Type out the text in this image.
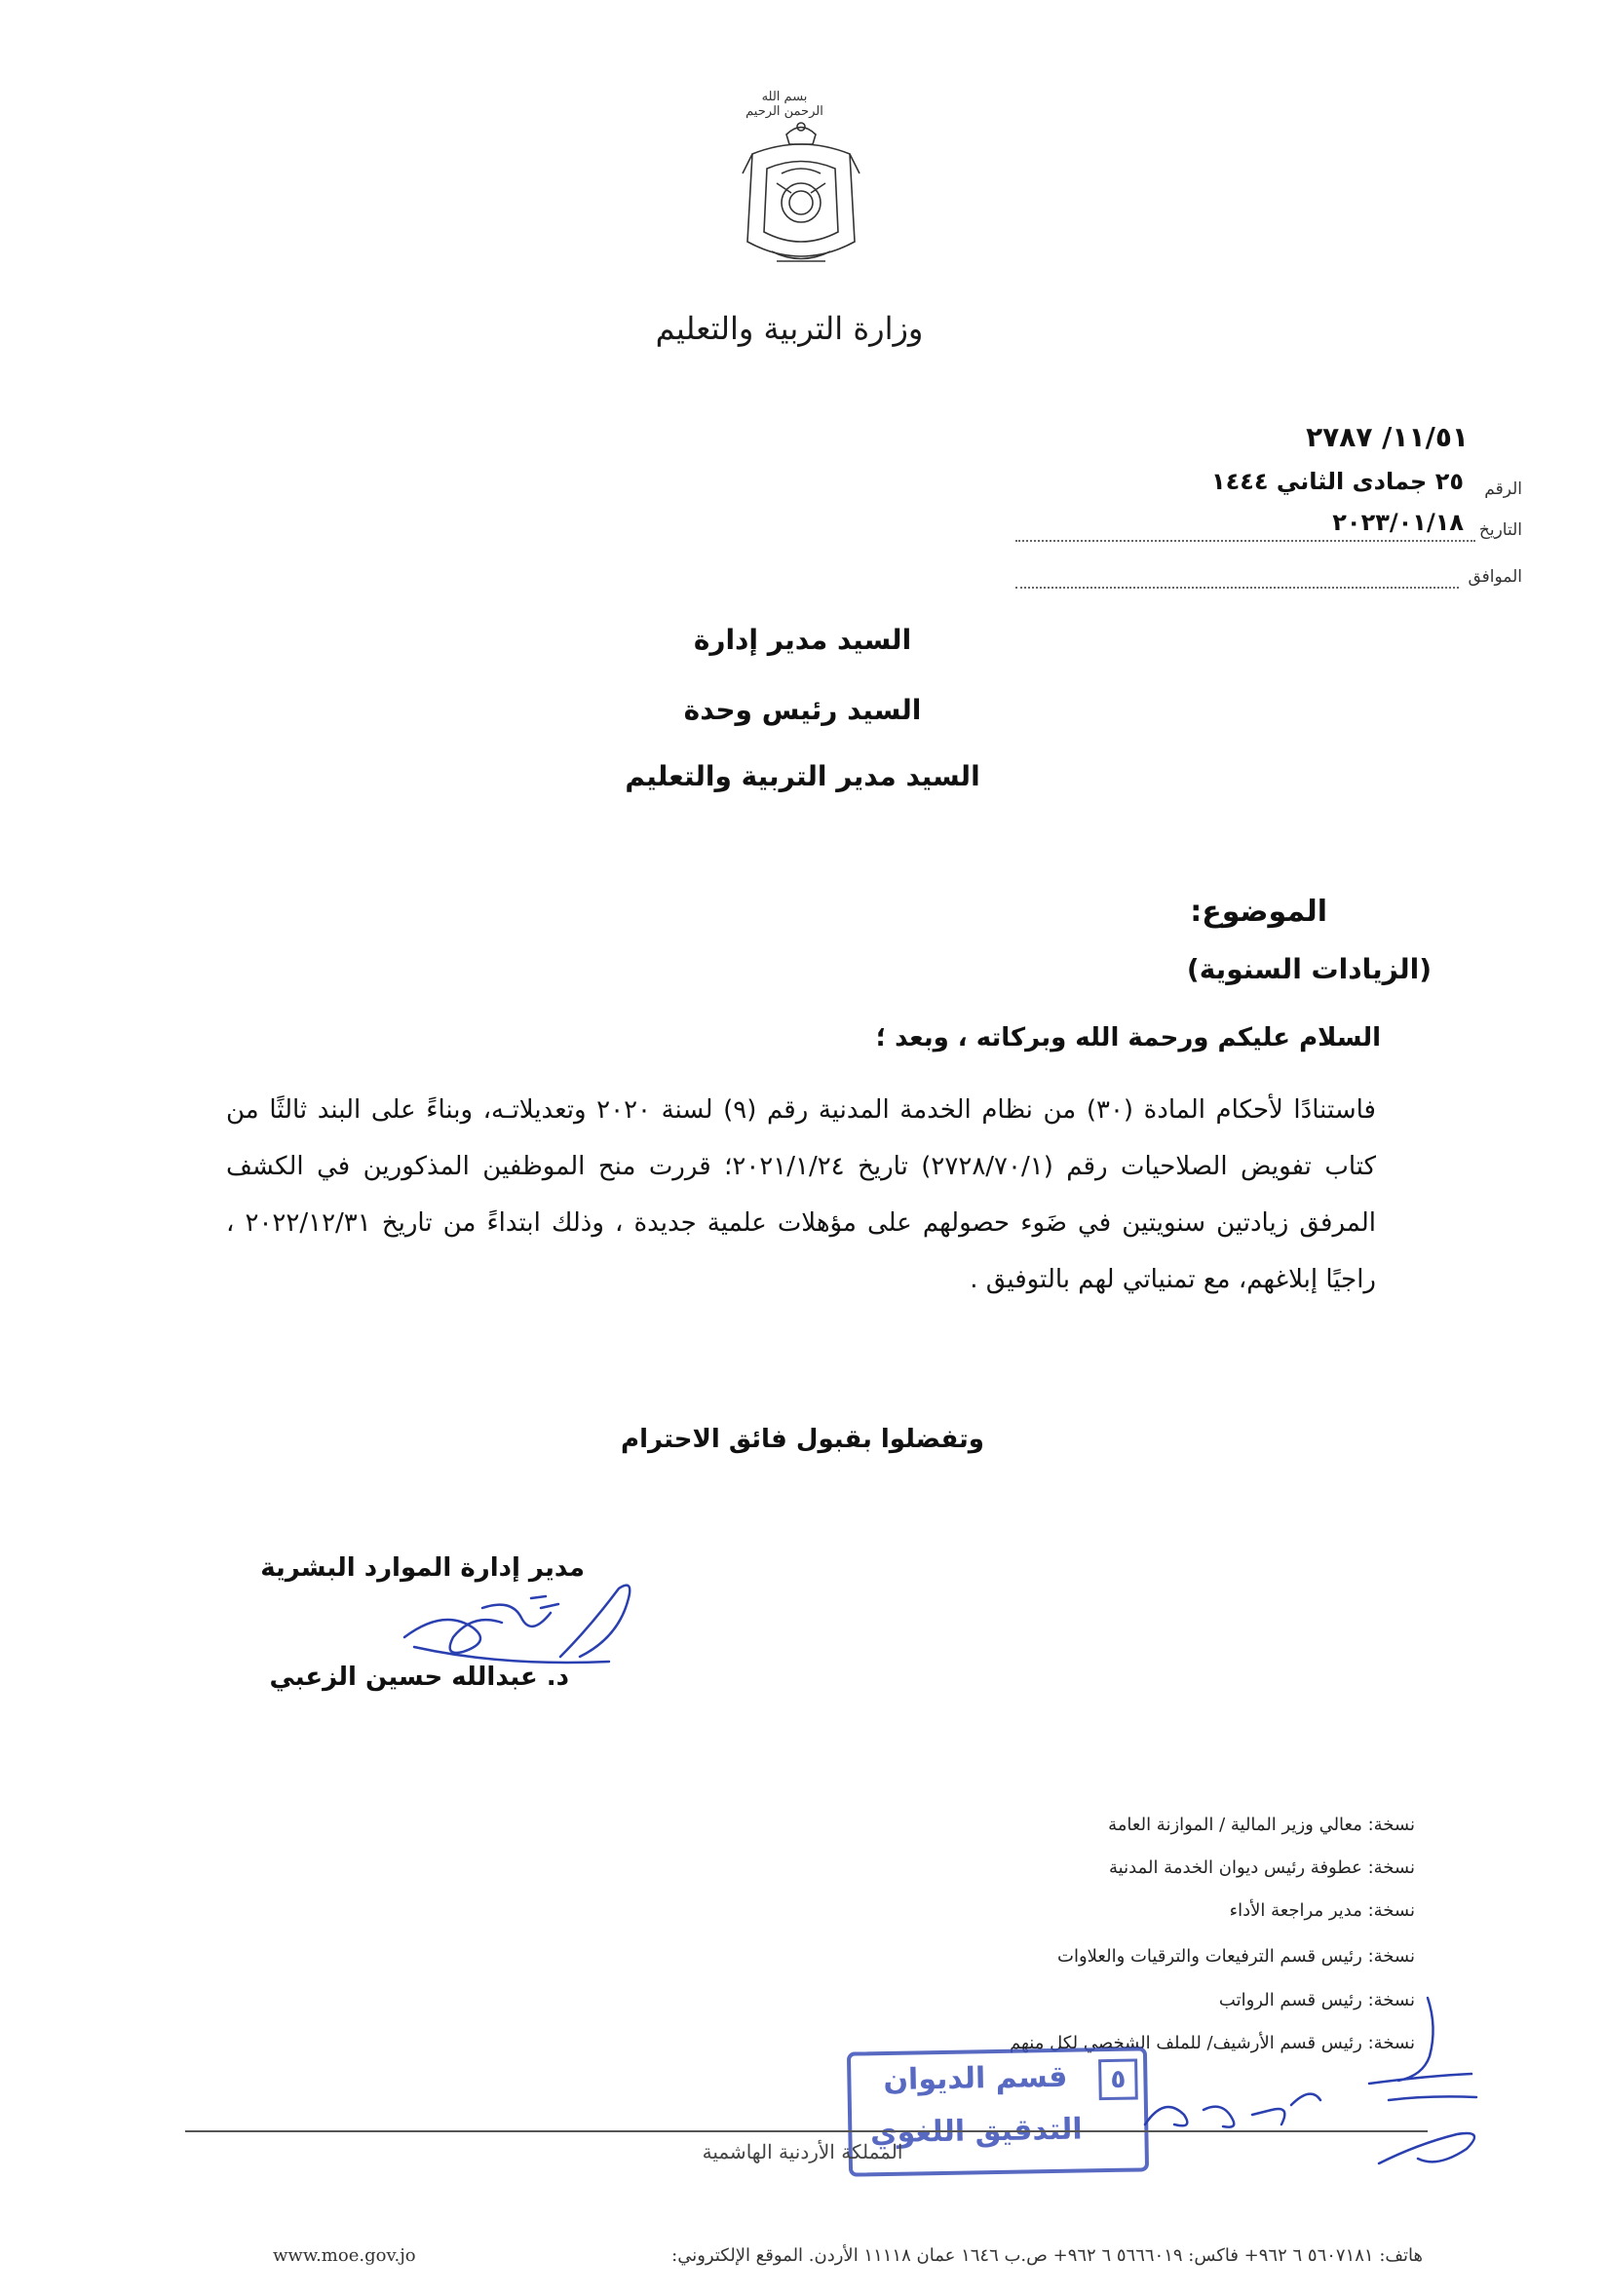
بسم الله الرحمن الرحيم
وزارة التربية والتعليم
١١/٥١/ ٢٧٨٧
الرقم
٢٥ جمادى الثاني ١٤٤٤
التاريخ
٢٠٢٣/٠١/١٨
الموافق
السيد مدير إدارة
السيد رئيس وحدة
السيد مدير التربية والتعليم
الموضوع:
(الزيادات السنوية)
السلام عليكم ورحمة الله وبركاته ، وبعد ؛
فاستنادًا لأحكام المادة (٣٠) من نظام الخدمة المدنية رقم (٩) لسنة ٢٠٢٠ وتعديلاتـه، وبناءً على البند ثالثًا من كتاب تفويض الصلاحيات رقم (٢٧٢٨/٧٠/١) تاريخ ٢٠٢١/١/٢٤؛ قررت منح الموظفين المذكورين في الكشف المرفق زيادتين سنويتين في ضَوء حصولهم على مؤهلات علمية جديدة ، وذلك ابتداءً من تاريخ ٢٠٢٢/١٢/٣١ ، راجيًا إبلاغهم، مع تمنياتي لهم بالتوفيق .
وتفضلوا بقبول فائق الاحترام
مدير إدارة الموارد البشرية
د. عبدالله حسين الزعبي
نسخة: معالي وزير المالية / الموازنة العامة
نسخة: عطوفة رئيس ديوان الخدمة المدنية
نسخة: مدير مراجعة الأداء
نسخة: رئيس قسم الترفيعات والترقيات والعلاوات
نسخة: رئيس قسم الرواتب
نسخة: رئيس قسم الأرشيف/ للملف الشخصي لكل منهم
٥
قسم الديوان
التدقيق اللغوي
المملكة الأردنية الهاشمية
www.moe.gov.jo	هاتف: ٥٦٠٧١٨١ ٦ ٩٦٢+ فاكس: ٥٦٦٦٠١٩ ٦ ٩٦٢+ ص.ب ١٦٤٦ عمان ١١١١٨ الأردن. الموقع الإلكتروني:
